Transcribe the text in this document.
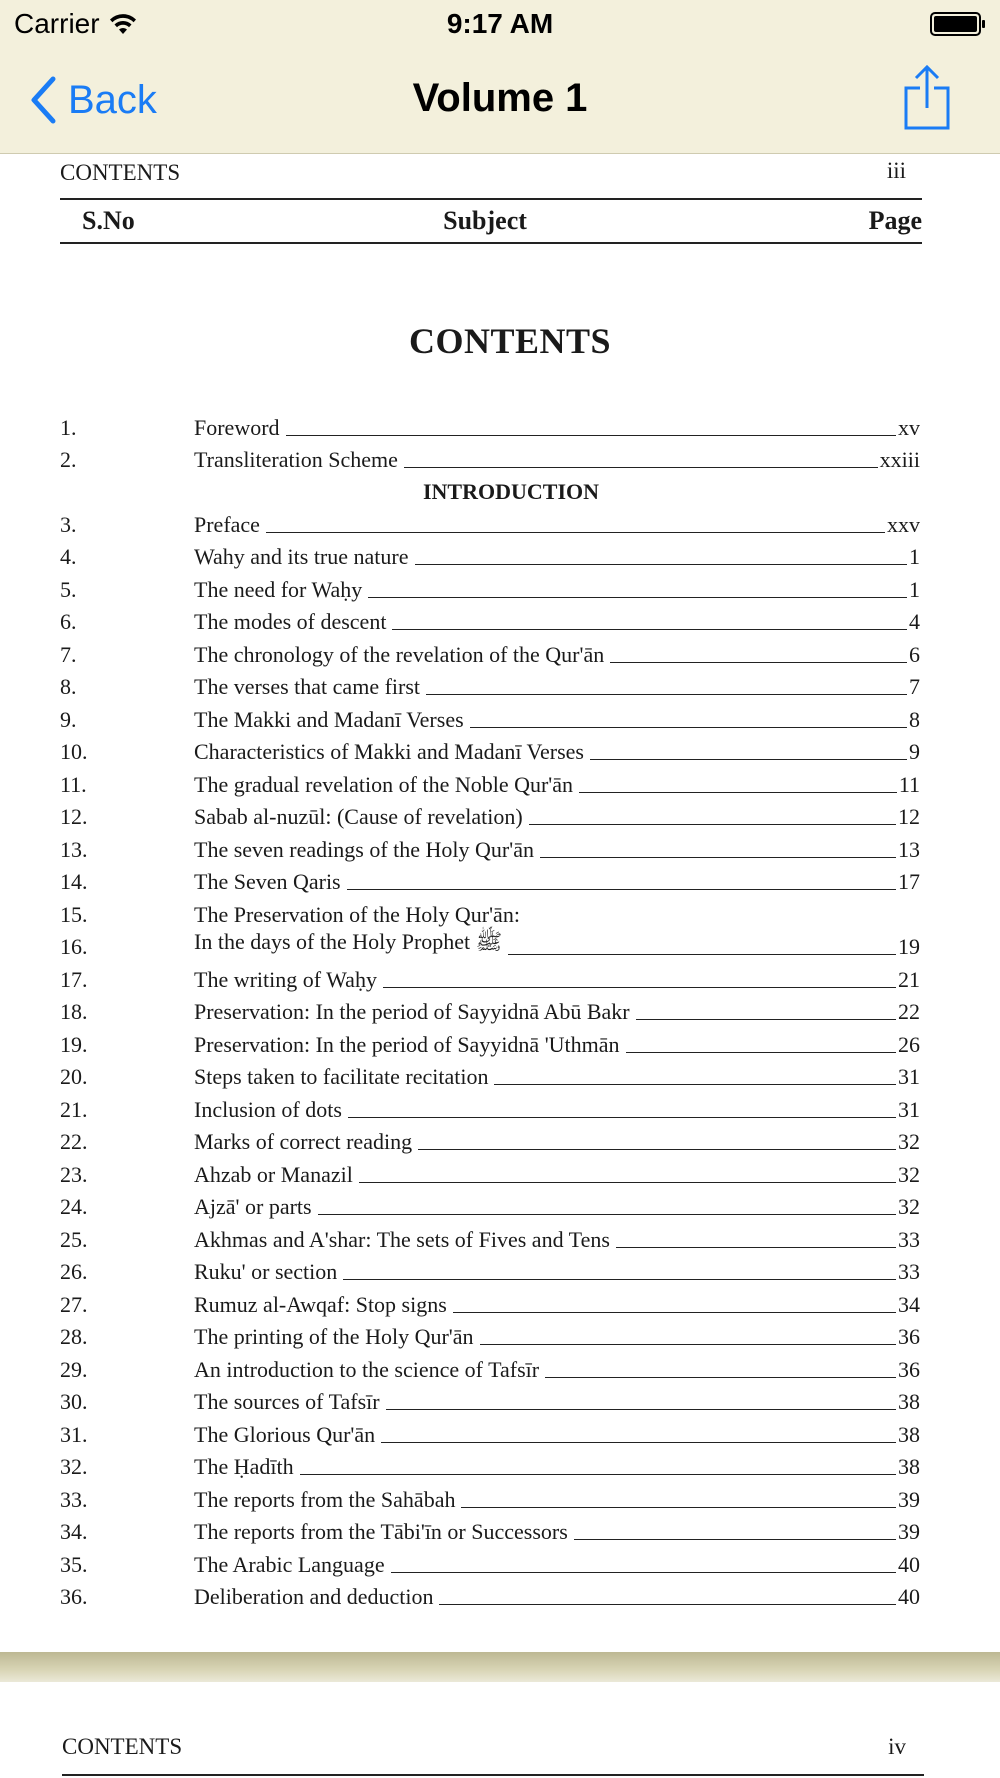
Carrier	9:17 AM
Back	Volume 1
CONTENTS	iii
S.No	Subject	Page
CONTENTS
1.	Foreword	xv
2.	Transliteration Scheme	xxiii
INTRODUCTION
3.	Preface	xxv
4.	Wahy and its true nature	1
5.	The need for Waḥy	1
6.	The modes of descent	4
7.	The chronology of the revelation of the Qur'ān	6
8.	The verses that came first	7
9.	The Makki and Madanī Verses	8
10.	Characteristics of Makki and Madanī Verses	9
11.	The gradual revelation of the Noble Qur'ān	11
12.	Sabab al-nuzūl: (Cause of revelation)	12
13.	The seven readings of the Holy Qur'ān	13
14.	The Seven Qaris	17
15.	The Preservation of the Holy Qur'ān:
16.	In the days of the Holy Prophet ﷺ	19
17.	The writing of Waḥy	21
18.	Preservation: In the period of Sayyidnā Abū Bakr	22
19.	Preservation: In the period of Sayyidnā 'Uthmān	26
20.	Steps taken to facilitate recitation	31
21.	Inclusion of dots	31
22.	Marks of correct reading	32
23.	Ahzab or Manazil	32
24.	Ajzā' or parts	32
25.	Akhmas and A'shar: The sets of Fives and Tens	33
26.	Ruku' or section	33
27.	Rumuz al-Awqaf: Stop signs	34
28.	The printing of the Holy Qur'ān	36
29.	An introduction to the science of Tafsīr	36
30.	The sources of Tafsīr	38
31.	The Glorious Qur'ān	38
32.	The Ḥadīth	38
33.	The reports from the Sahābah	39
34.	The reports from the Tābi'īn or Successors	39
35.	The Arabic Language	40
36.	Deliberation and deduction	40
CONTENTS	iv
